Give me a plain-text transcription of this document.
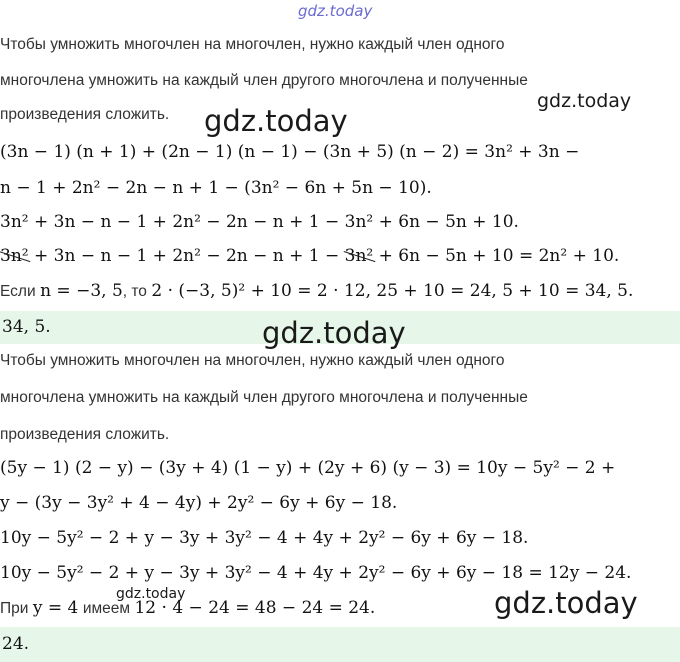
gdz.today
Чтобы умножить многочлен на многочлен, нужно каждый член одного
многочлена умножить на каждый член другого многочлена и полученные
произведения сложить. gdz.today
gdz.today
(3n − 1) (n + 1) + (2n − 1) (n − 1) − (3n + 5) (n − 2) = 3n² + 3n −
n − 1 + 2n² − 2n − n + 1 − (3n² − 6n + 5n − 10).
3n² + 3n − n − 1 + 2n² − 2n − n + 1 − 3n² + 6n − 5n + 10.
3n² + 3n − n − 1 + 2n² − 2n − n + 1 − 3n² + 6n − 5n + 10 = 2n² + 10.
Если n = −3, 5, то 2 · (−3, 5)² + 10 = 2 · 12, 25 + 10 = 24, 5 + 10 = 34, 5.
34, 5.	gdz.today
Чтобы умножить многочлен на многочлен, нужно каждый член одного
многочлена умножить на каждый член другого многочлена и полученные
произведения сложить.
(5y − 1) (2 − y) − (3y + 4) (1 − y) + (2y + 6) (y − 3) = 10y − 5y² − 2 +
y − (3y − 3y² + 4 − 4y) + 2y² − 6y + 6y − 18.
10y − 5y² − 2 + y − 3y + 3y² − 4 + 4y + 2y² − 6y + 6y − 18.
10y − 5y² − 2 + y − 3y + 3y² − 4 + 4y + 2y² − 6y + 6y − 18 = 12y − 24.
При y = 4 имеем 12 · 4 − 24 = 48 − 24 = 24.
gdz.today	gdz.today
24.
